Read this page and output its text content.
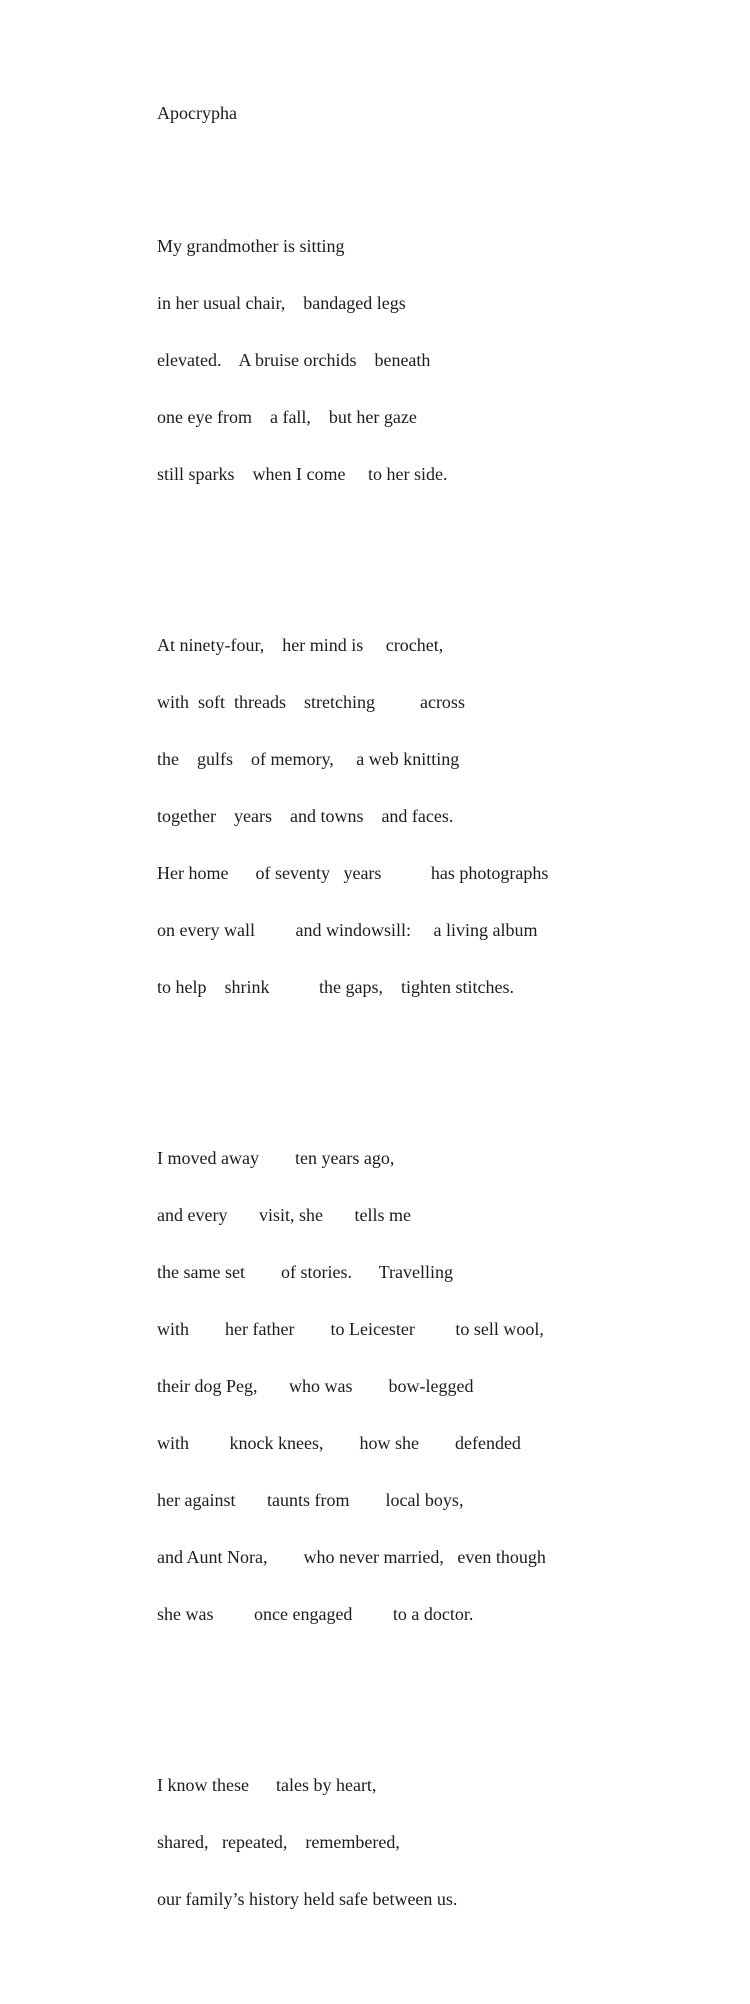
Apocrypha

My grandmother is sitting

in her usual chair,    bandaged legs

elevated.    A bruise orchids    beneath

one eye from    a fall,    but her gaze

still sparks    when I come     to her side.

At ninety-four,    her mind is     crochet,

with  soft  threads    stretching          across

the    gulfs    of memory,     a web knitting

together    years    and towns    and faces.

Her home      of seventy   years           has photographs

on every wall         and windowsill:     a living album

to help    shrink           the gaps,    tighten stitches.

I moved away        ten years ago,

and every       visit, she       tells me

the same set        of stories.      Travelling

with        her father        to Leicester         to sell wool,

their dog Peg,       who was        bow-legged

with         knock knees,        how she        defended

her against       taunts from        local boys,

and Aunt Nora,        who never married,   even though

she was         once engaged         to a doctor.

I know these      tales by heart,

shared,   repeated,    remembered,

our family’s history held safe between us.
